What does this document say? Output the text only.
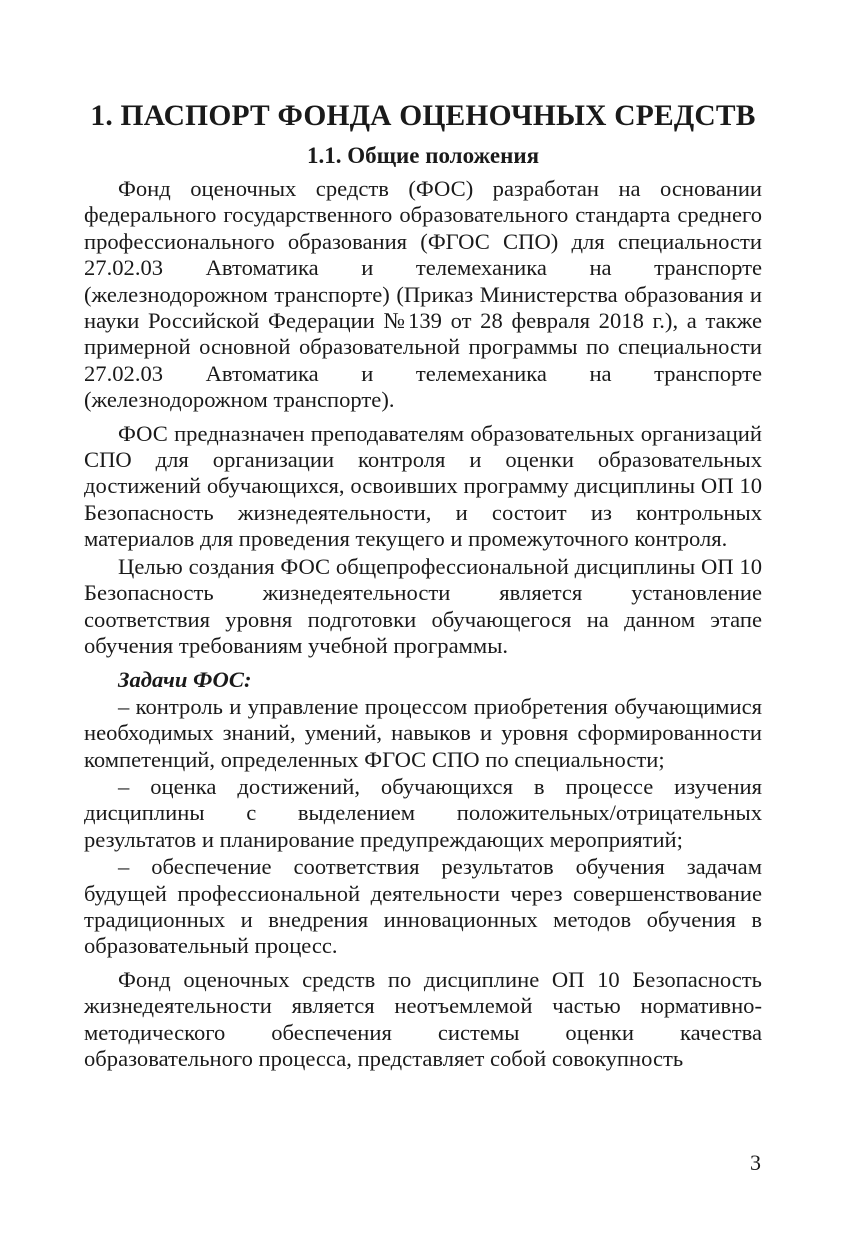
1. ПАСПОРТ ФОНДА ОЦЕНОЧНЫХ СРЕДСТВ
1.1. Общие положения

Фонд оценочных средств (ФОС) разработан на основании федерального государственного образовательного стандарта среднего профессионального образования (ФГОС СПО) для специальности 27.02.03 Автоматика и телемеханика на транспорте (железнодорожном транспорте) (Приказ Министерства образования и науки Российской Федерации №139 от 28 февраля 2018 г.), а также примерной основной образовательной программы по специальности 27.02.03 Автоматика и телемеханика на транспорте (железнодорожном транспорте).

ФОС предназначен преподавателям образовательных организаций СПО для организации контроля и оценки образовательных достижений обучающихся, освоивших программу дисциплины ОП 10 Безопасность жизнедеятельности, и состоит из контрольных материалов для проведения текущего и промежуточного контроля.

Целью создания ФОС общепрофессиональной дисциплины ОП 10 Безопасность жизнедеятельности является установление соответствия уровня подготовки обучающегося на данном этапе обучения требованиям учебной программы.

Задачи ФОС:

– контроль и управление процессом приобретения обучающимися необходимых знаний, умений, навыков и уровня сформированности компетенций, определенных ФГОС СПО по специальности;

– оценка достижений, обучающихся в процессе изучения дисциплины с выделением положительных/отрицательных результатов и планирование предупреждающих мероприятий;

– обеспечение соответствия результатов обучения задачам будущей профессиональной деятельности через совершенствование традиционных и внедрения инновационных методов обучения в образовательный процесс.

Фонд оценочных средств по дисциплине ОП 10 Безопасность жизнедеятельности является неотъемлемой частью нормативно-методического обеспечения системы оценки качества образовательного процесса, представляет собой совокупность

3
